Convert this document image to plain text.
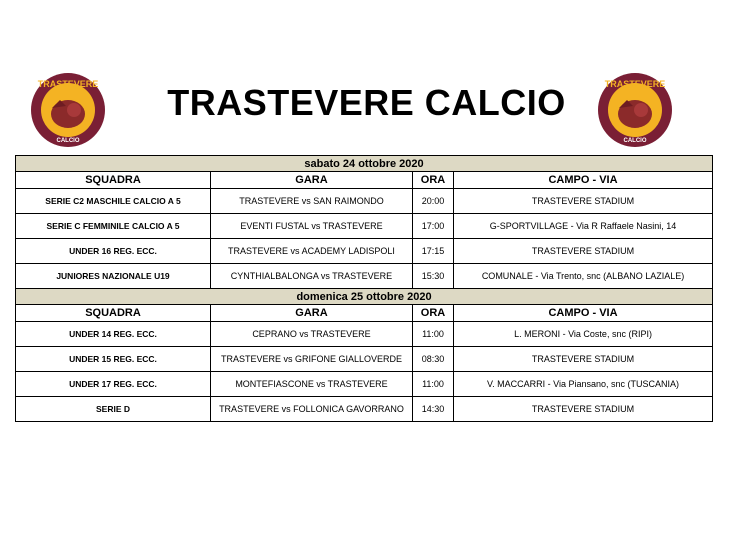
TRASTEVERE
CALCIO
TRASTEVERE
CALCIO
TRASTEVERE CALCIO
sabato 24 ottobre 2020			
SQUADRA	GARA	ORA	CAMPO - VIA
SERIE C2 MASCHILE CALCIO A 5	TRASTEVERE vs SAN RAIMONDO	20:00	TRASTEVERE STADIUM
SERIE C FEMMINILE CALCIO A 5	EVENTI FUSTAL vs TRASTEVERE	17:00	G-SPORTVILLAGE - Via R Raffaele Nasini, 14
UNDER 16 REG. ECC.	TRASTEVERE vs ACADEMY LADISPOLI	17:15	TRASTEVERE STADIUM
JUNIORES NAZIONALE U19	CYNTHIALBALONGA vs TRASTEVERE	15:30	COMUNALE - Via Trento, snc (ALBANO LAZIALE)
domenica 25 ottobre 2020			
SQUADRA	GARA	ORA	CAMPO - VIA
UNDER 14 REG. ECC.	CEPRANO vs TRASTEVERE	11:00	L. MERONI - Via Coste, snc (RIPI)
UNDER 15 REG. ECC.	TRASTEVERE vs GRIFONE GIALLOVERDE	08:30	TRASTEVERE STADIUM
UNDER 17 REG. ECC.	MONTEFIASCONE vs TRASTEVERE	11:00	V. MACCARRI - Via Piansano, snc (TUSCANIA)
SERIE D	TRASTEVERE vs FOLLONICA GAVORRANO	14:30	TRASTEVERE STADIUM
